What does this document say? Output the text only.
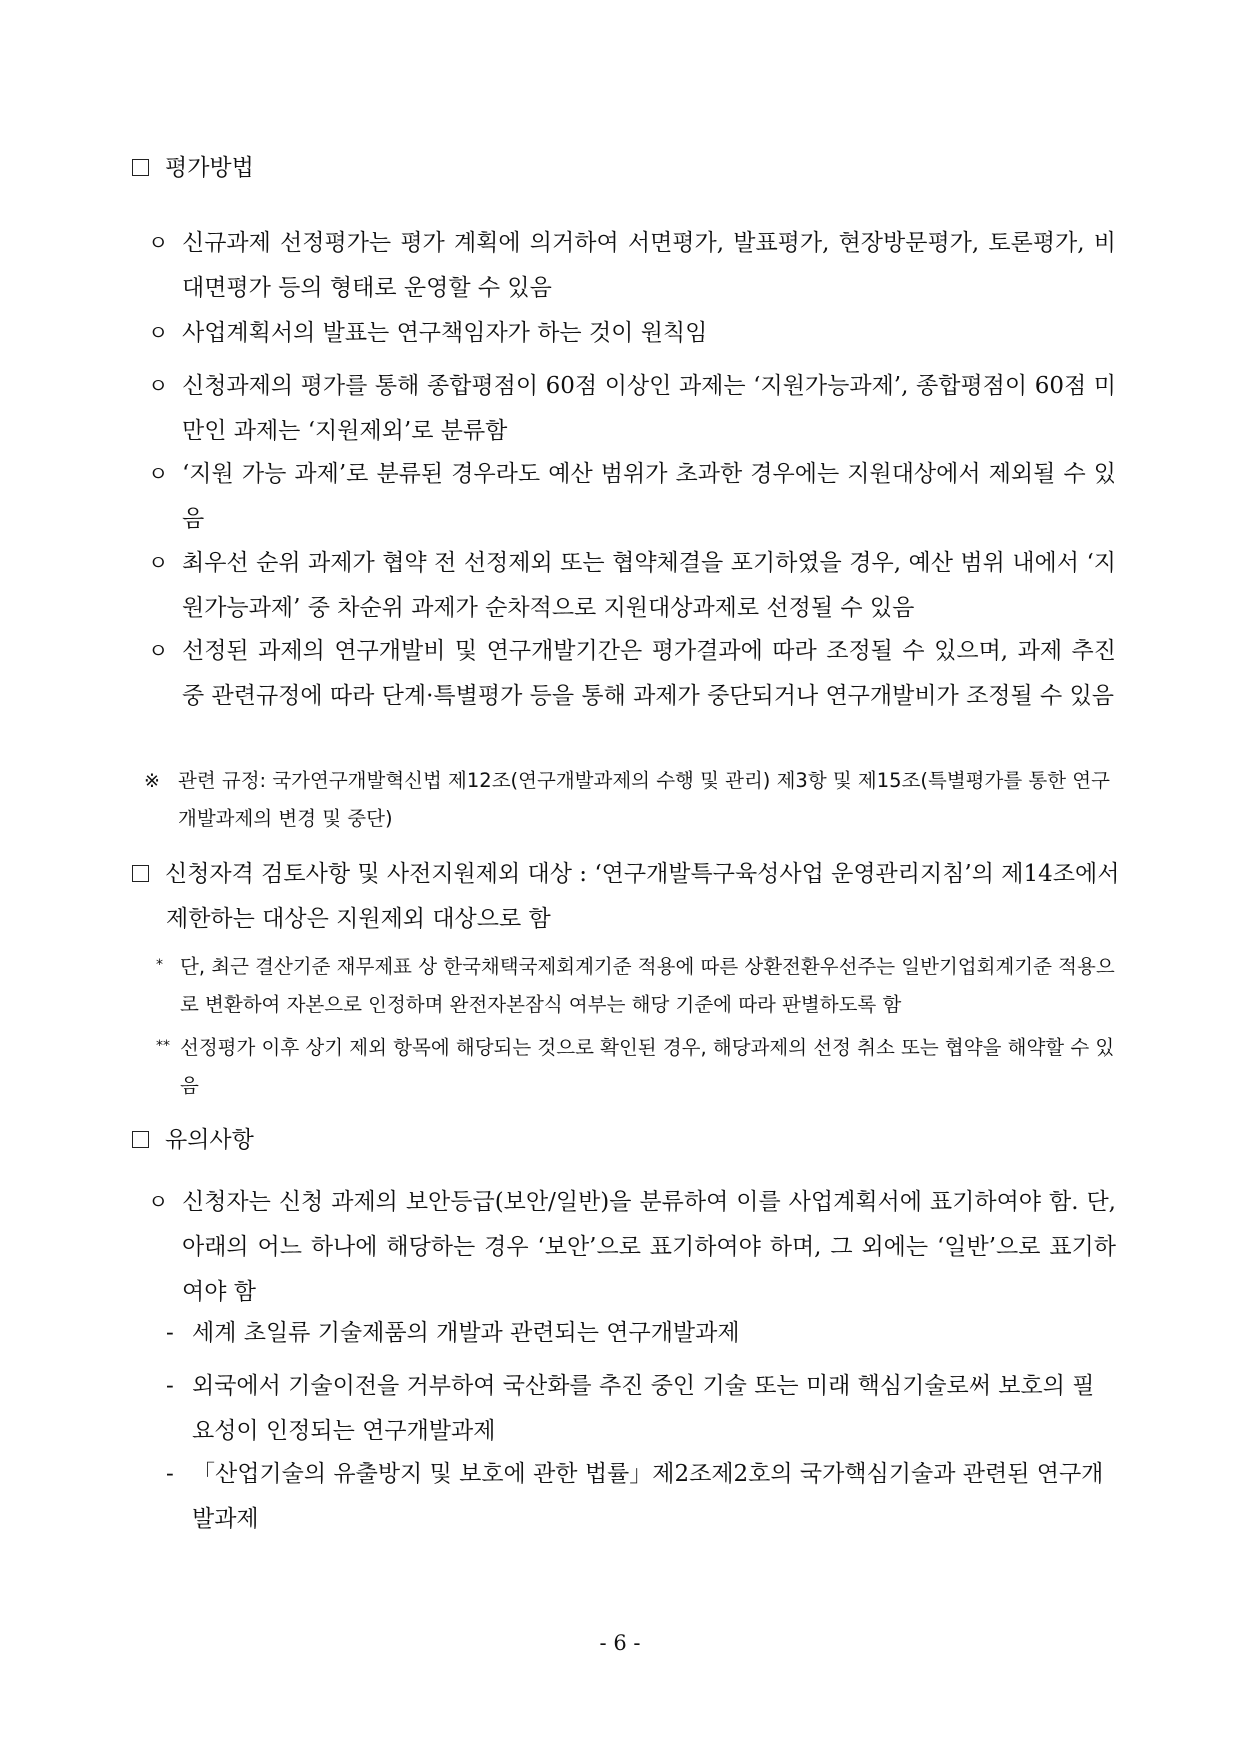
평가방법
ㅇ 신규과제 선정평가는 평가 계획에 의거하여 서면평가, 발표평가, 현장방문평가, 토론평가, 비대면평가 등의 형태로 운영할 수 있음
ㅇ 사업계획서의 발표는 연구책임자가 하는 것이 원칙임
ㅇ 신청과제의 평가를 통해 종합평점이 60점 이상인 과제는 ‘지원가능과제’, 종합평점이 60점 미만인 과제는 ‘지원제외’로 분류함
ㅇ ‘지원 가능 과제’로 분류된 경우라도 예산 범위가 초과한 경우에는 지원대상에서 제외될 수 있음
ㅇ 최우선 순위 과제가 협약 전 선정제외 또는 협약체결을 포기하였을 경우, 예산 범위 내에서 ‘지원가능과제’ 중 차순위 과제가 순차적으로 지원대상과제로 선정될 수 있음
ㅇ 선정된 과제의 연구개발비 및 연구개발기간은 평가결과에 따라 조정될 수 있으며, 과제 추진 중 관련규정에 따라 단계·특별평가 등을 통해 과제가 중단되거나 연구개발비가 조정될 수 있음
※ 관련 규정: 국가연구개발혁신법 제12조(연구개발과제의 수행 및 관리) 제3항 및 제15조(특별평가를 통한 연구개발과제의 변경 및 중단)
신청자격 검토사항 및 사전지원제외 대상 : ‘연구개발특구육성사업 운영관리지침’의 제14조에서 제한하는 대상은 지원제외 대상으로 함
* 단, 최근 결산기준 재무제표 상 한국채택국제회계기준 적용에 따른 상환전환우선주는 일반기업회계기준 적용으로 변환하여 자본으로 인정하며 완전자본잠식 여부는 해당 기준에 따라 판별하도록 함
** 선정평가 이후 상기 제외 항목에 해당되는 것으로 확인된 경우, 해당과제의 선정 취소 또는 협약을 해약할 수 있음
유의사항
ㅇ 신청자는 신청 과제의 보안등급(보안/일반)을 분류하여 이를 사업계획서에 표기하여야 함. 단, 아래의 어느 하나에 해당하는 경우 ‘보안’으로 표기하여야 하며, 그 외에는 ‘일반’으로 표기하여야 함
- 세계 초일류 기술제품의 개발과 관련되는 연구개발과제
- 외국에서 기술이전을 거부하여 국산화를 추진 중인 기술 또는 미래 핵심기술로써 보호의 필요성이 인정되는 연구개발과제
- 「산업기술의 유출방지 및 보호에 관한 법률」제2조제2호의 국가핵심기술과 관련된 연구개발과제
- 6 -
